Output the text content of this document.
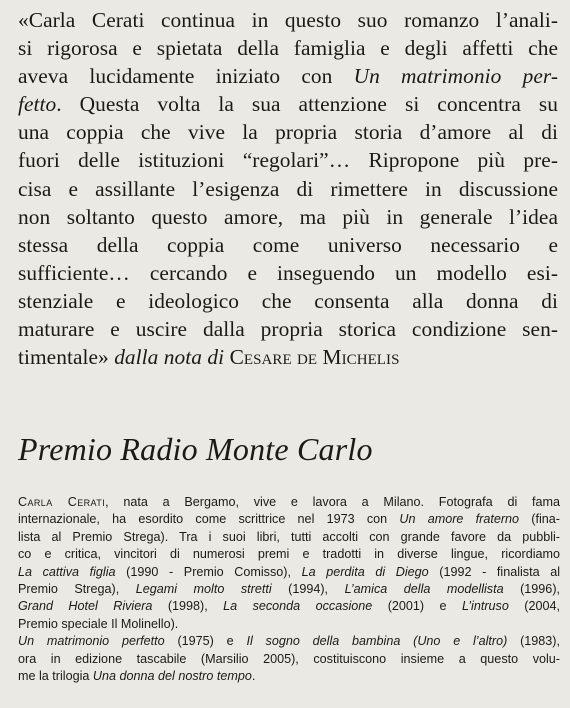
«Carla Cerati continua in questo suo romanzo l’anali-
si rigorosa e spietata della famiglia e degli affetti che
aveva lucidamente iniziato con Un matrimonio per-
fetto. Questa volta la sua attenzione si concentra su
una coppia che vive la propria storia d’amore al di
fuori delle istituzioni “regolari”… Ripropone più pre-
cisa e assillante l’esigenza di rimettere in discussione
non soltanto questo amore, ma più in generale l’idea
stessa della coppia come universo necessario e
sufficiente… cercando e inseguendo un modello esi-
stenziale e ideologico che consenta alla donna di
maturare e uscire dalla propria storica condizione sen-
timentale» dalla nota di Cesare de Michelis
Premio Radio Monte Carlo
Carla Cerati, nata a Bergamo, vive e lavora a Milano. Fotografa di fama
internazionale, ha esordito come scrittrice nel 1973 con Un amore fraterno (fina-
lista al Premio Strega). Tra i suoi libri, tutti accolti con grande favore da pubbli-
co e critica, vincitori di numerosi premi e tradotti in diverse lingue, ricordiamo
La cattiva figlia (1990 - Premio Comisso), La perdita di Diego (1992 - finalista al
Premio Strega), Legami molto stretti (1994), L’amica della modellista (1996),
Grand Hotel Riviera (1998), La seconda occasione (2001) e L’intruso (2004,
Premio speciale Il Molinello).
Un matrimonio perfetto (1975) e Il sogno della bambina (Uno e l’altro) (1983),
ora in edizione tascabile (Marsilio 2005), costituiscono insieme a questo volu-
me la trilogia Una donna del nostro tempo.
